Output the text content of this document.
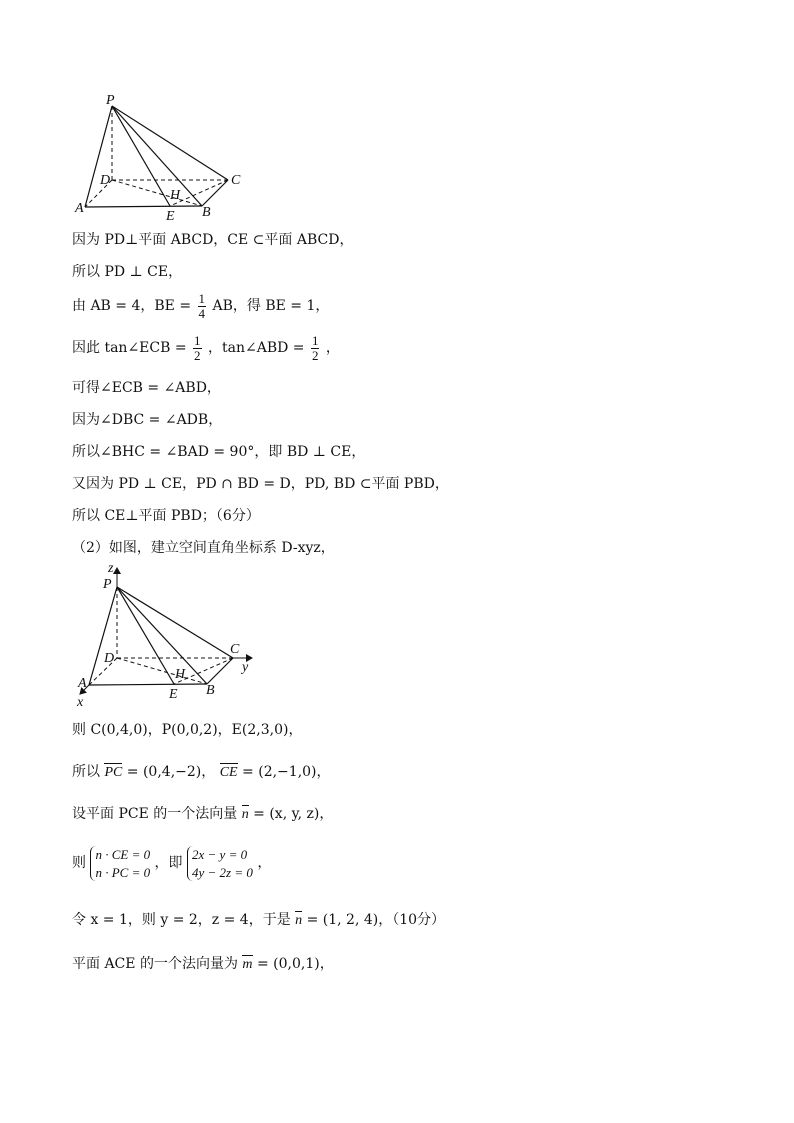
P
D	C
A
E B
H
因为 PD⊥平面 ABCD，CE ⊂平面 ABCD，
所以 PD ⊥ CE，
由 AB = 4，BE = $\frac{1}{4}$ AB，得 BE = 1，
因此 tan∠ECB = $\frac{1}{2}$ ，tan∠ABD = $\frac{1}{2}$ ，
可得∠ECB = ∠ABD，
因为∠DBC = ∠ADB，
所以∠BHC = ∠BAD = 90°，即 BD ⊥ CE，
又因为 PD ⊥ CE，PD ∩ BD = D，PD, BD ⊂平面 PBD，
所以 CE⊥平面 PBD；（6分）
（2）如图，建立空间直角坐标系 D-xyz，
z
P
D
C
y
A
E B
H
x
则 C(0,4,0)，P(0,0,2)，E(2,3,0)，
所以 PC = (0,4,−2)， CE = (2,−1,0)，
设平面 PCE 的一个法向量 n = (x, y, z)，
则
n · CE = 0
n · PC = 0
，即
2x − y = 0
4y − 2z = 0
，
令 x = 1，则 y = 2，z = 4，于是 n = (1, 2, 4)，（10分）
平面 ACE 的一个法向量为 m = (0,0,1)，
